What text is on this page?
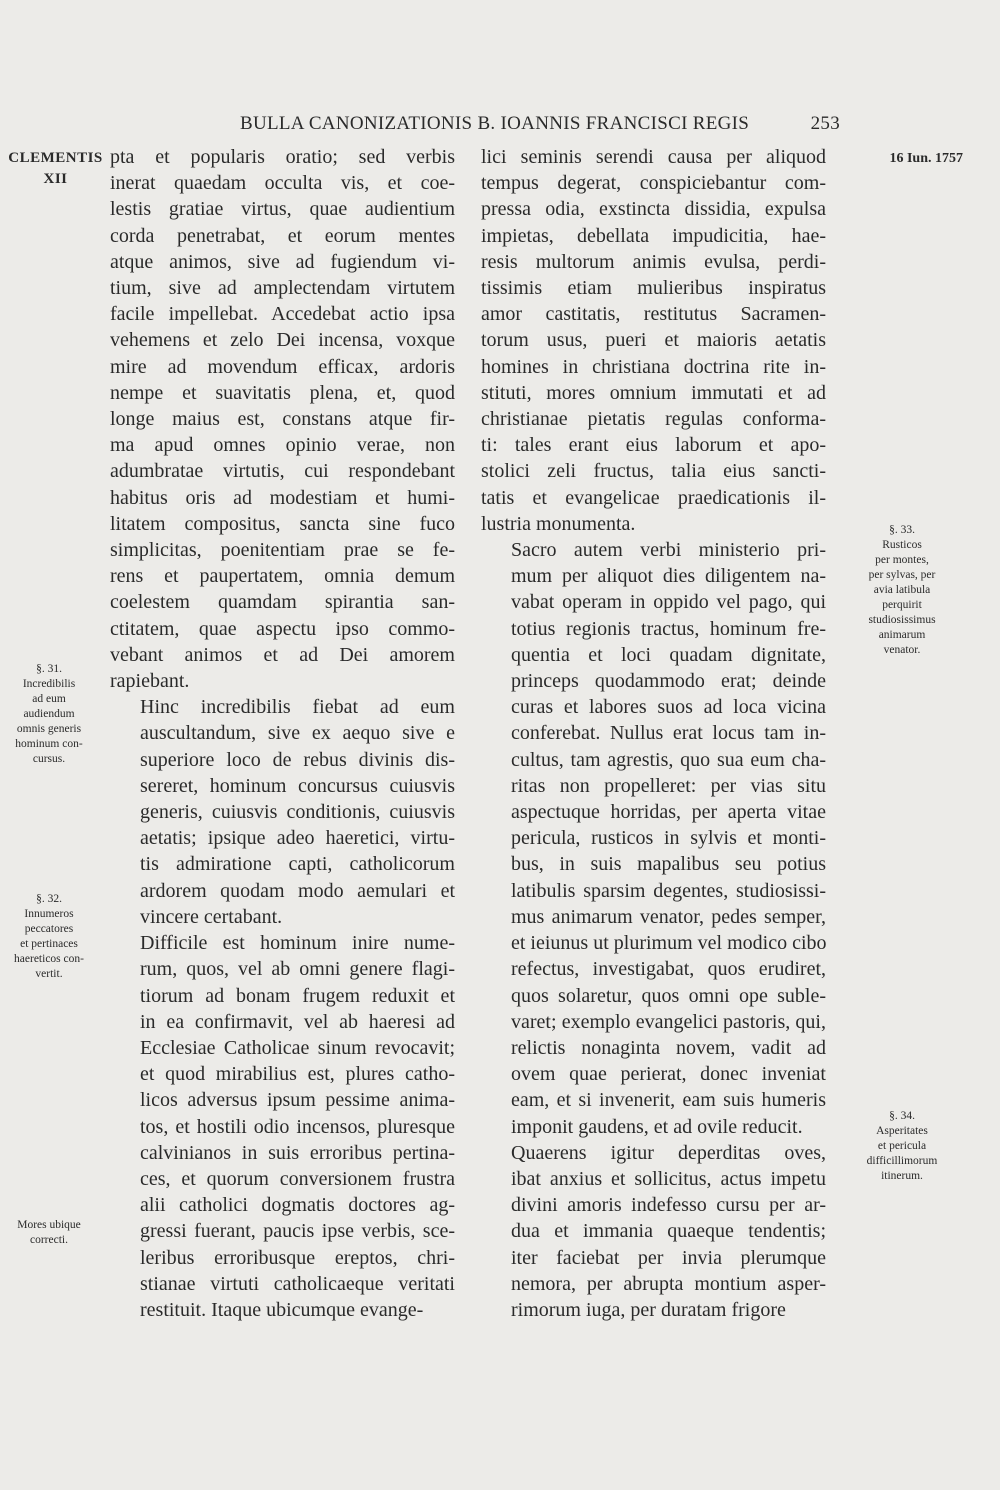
BULLA CANONIZATIONIS B. IOANNIS FRANCISCI REGIS	253
CLEMENTIS
XII
16 Iun. 1757

pta et popularis oratio; sed verbis
inerat quaedam occulta vis, et coe-
lestis gratiae virtus, quae audientium
corda penetrabat, et eorum mentes
atque animos, sive ad fugiendum vi-
tium, sive ad amplectendam virtutem
facile impellebat. Accedebat actio ipsa
vehemens et zelo Dei incensa, voxque
mire ad movendum efficax, ardoris
nempe et suavitatis plena, et, quod
longe maius est, constans atque fir-
ma apud omnes opinio verae, non
adumbratae virtutis, cui respondebant
habitus oris ad modestiam et humi-
litatem compositus, sancta sine fuco
simplicitas, poenitentiam prae se fe-
rens et paupertatem, omnia demum
coelestem quamdam spirantia san-
ctitatem, quae aspectu ipso commo-
vebant animos et ad Dei amorem
rapiebant.

Hinc incredibilis fiebat ad eum
auscultandum, sive ex aequo sive e
superiore loco de rebus divinis dis-
sereret, hominum concursus cuiusvis
generis, cuiusvis conditionis, cuiusvis
aetatis; ipsique adeo haeretici, virtu-
tis admiratione capti, catholicorum
ardorem quodam modo aemulari et
vincere certabant.

Difficile est hominum inire nume-
rum, quos, vel ab omni genere flagi-
tiorum ad bonam frugem reduxit et
in ea confirmavit, vel ab haeresi ad
Ecclesiae Catholicae sinum revocavit;
et quod mirabilius est, plures catho-
licos adversus ipsum pessime anima-
tos, et hostili odio incensos, pluresque
calvinianos in suis erroribus pertina-
ces, et quorum conversionem frustra
alii catholici dogmatis doctores ag-
gressi fuerant, paucis ipse verbis, sce-
leribus erroribusque ereptos, chri-
stianae virtuti catholicaeque veritati
restituit. Itaque ubicumque evange-

lici seminis serendi causa per aliquod
tempus degerat, conspiciebantur com-
pressa odia, exstincta dissidia, expulsa
impietas, debellata impudicitia, hae-
resis multorum animis evulsa, perdi-
tissimis etiam mulieribus inspiratus
amor castitatis, restitutus Sacramen-
torum usus, pueri et maioris aetatis
homines in christiana doctrina rite in-
stituti, mores omnium immutati et ad
christianae pietatis regulas conforma-
ti: tales erant eius laborum et apo-
stolici zeli fructus, talia eius sancti-
tatis et evangelicae praedicationis il-
lustria monumenta.

Sacro autem verbi ministerio pri-
mum per aliquot dies diligentem na-
vabat operam in oppido vel pago, qui
totius regionis tractus, hominum fre-
quentia et loci quadam dignitate,
princeps quodammodo erat; deinde
curas et labores suos ad loca vicina
conferebat. Nullus erat locus tam in-
cultus, tam agrestis, quo sua eum cha-
ritas non propelleret: per vias situ
aspectuque horridas, per aperta vitae
pericula, rusticos in sylvis et monti-
bus, in suis mapalibus seu potius
latibulis sparsim degentes, studiosissi-
mus animarum venator, pedes semper,
et ieiunus ut plurimum vel modico cibo
refectus, investigabat, quos erudiret,
quos solaretur, quos omni ope suble-
varet; exemplo evangelici pastoris, qui,
relictis nonaginta novem, vadit ad
ovem quae perierat, donec inveniat
eam, et si invenerit, eam suis humeris
imponit gaudens, et ad ovile reducit.

Quaerens igitur deperditas oves,
ibat anxius et sollicitus, actus impetu
divini amoris indefesso cursu per ar-
dua et immania quaeque tendentis;
iter faciebat per invia plerumque
nemora, per abrupta montium asper-
rimorum iuga, per duratam frigore

§. 31.
Incredibilis
ad eum
audiendum
omnis generis
hominum con-
cursus.
§. 32.
Innumeros
peccatores
et pertinaces
haereticos con-
vertit.
Mores ubique
correcti.
§. 33.
Rusticos
per montes,
per sylvas, per
avia latibula
perquirit
studiosissimus
animarum
venator.
§. 34.
Asperitates
et pericula
difficillimorum
itinerum.
